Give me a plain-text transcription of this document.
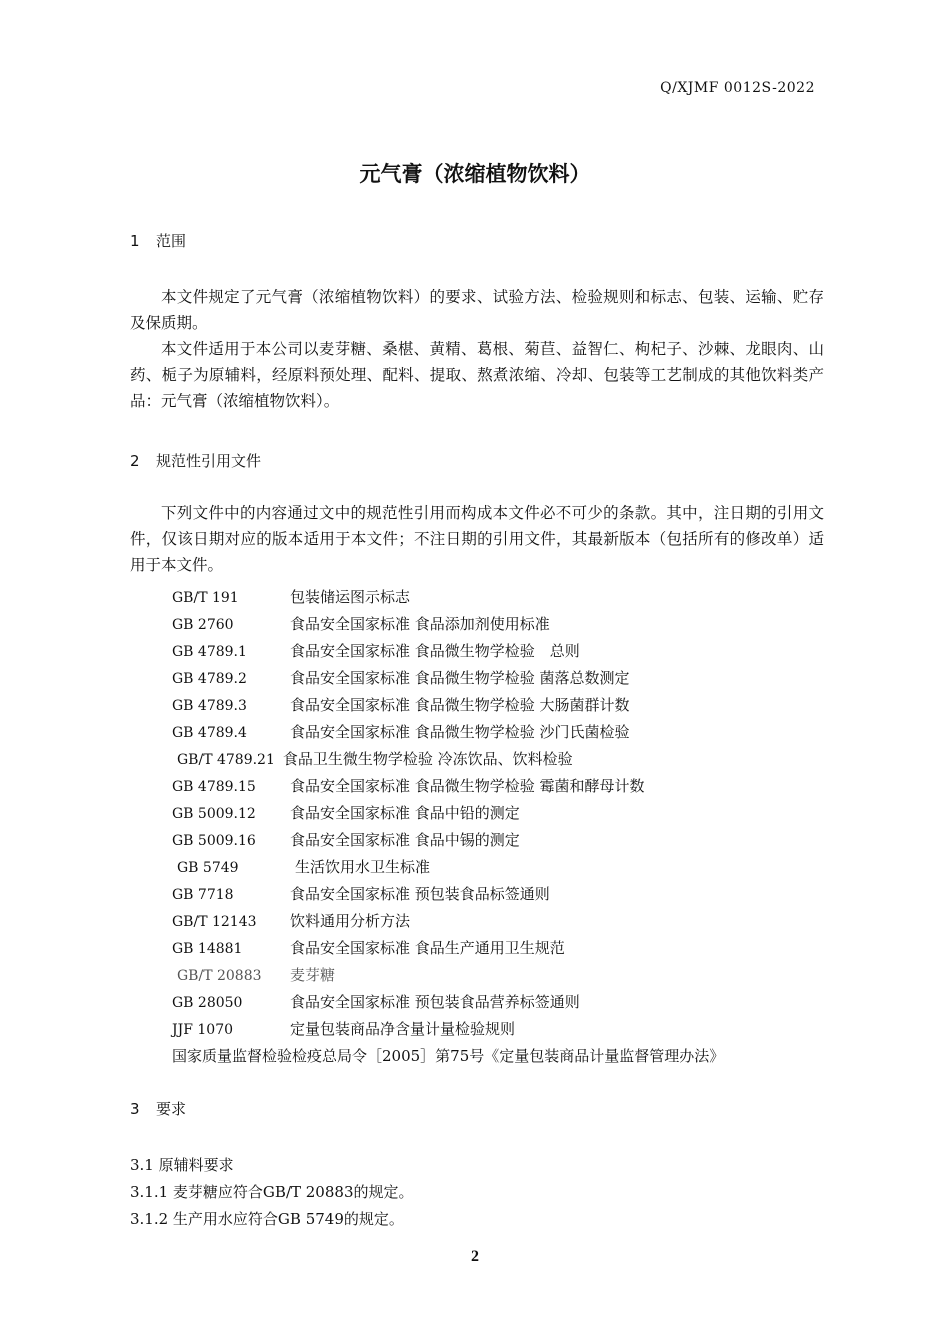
Q/XJMF 0012S-2022
元气膏（浓缩植物饮料）
1 范围

本文件规定了元气膏（浓缩植物饮料）的要求、试验方法、检验规则和标志、包装、运输、贮存及保质期。

本文件适用于本公司以麦芽糖、桑椹、黄精、葛根、菊苣、益智仁、枸杞子、沙棘、龙眼肉、山药、栀子为原辅料，经原料预处理、配料、提取、熬煮浓缩、冷却、包装等工艺制成的其他饮料类产品：元气膏（浓缩植物饮料）。

2 规范性引用文件

下列文件中的内容通过文中的规范性引用而构成本文件必不可少的条款。其中，注日期的引用文件，仅该日期对应的版本适用于本文件；不注日期的引用文件，其最新版本（包括所有的修改单）适用于本文件。

GB/T 191	包装储运图示标志
GB 2760	食品安全国家标准 食品添加剂使用标准
GB 4789.1	食品安全国家标准 食品微生物学检验　总则
GB 4789.2	食品安全国家标准 食品微生物学检验 菌落总数测定
GB 4789.3	食品安全国家标准 食品微生物学检验 大肠菌群计数
GB 4789.4	食品安全国家标准 食品微生物学检验 沙门氏菌检验
GB/T 4789.21 食品卫生微生物学检验 冷冻饮品、饮料检验
GB 4789.15 食品安全国家标准 食品微生物学检验 霉菌和酵母计数
GB 5009.12 食品安全国家标准 食品中铅的测定
GB 5009.16 食品安全国家标准 食品中锡的测定
GB 5749	生活饮用水卫生标准
GB 7718	食品安全国家标准 预包装食品标签通则
GB/T 12143 饮料通用分析方法
GB 14881	食品安全国家标准 食品生产通用卫生规范
GB/T 20883 麦芽糖
GB 28050	食品安全国家标准 预包装食品营养标签通则
JJF 1070	定量包装商品净含量计量检验规则
国家质量监督检验检疫总局令［2005］第75号《定量包装商品计量监督管理办法》
3 要求
3.1 原辅料要求
3.1.1 麦芽糖应符合GB/T 20883的规定。
3.1.2 生产用水应符合GB 5749的规定。
2
